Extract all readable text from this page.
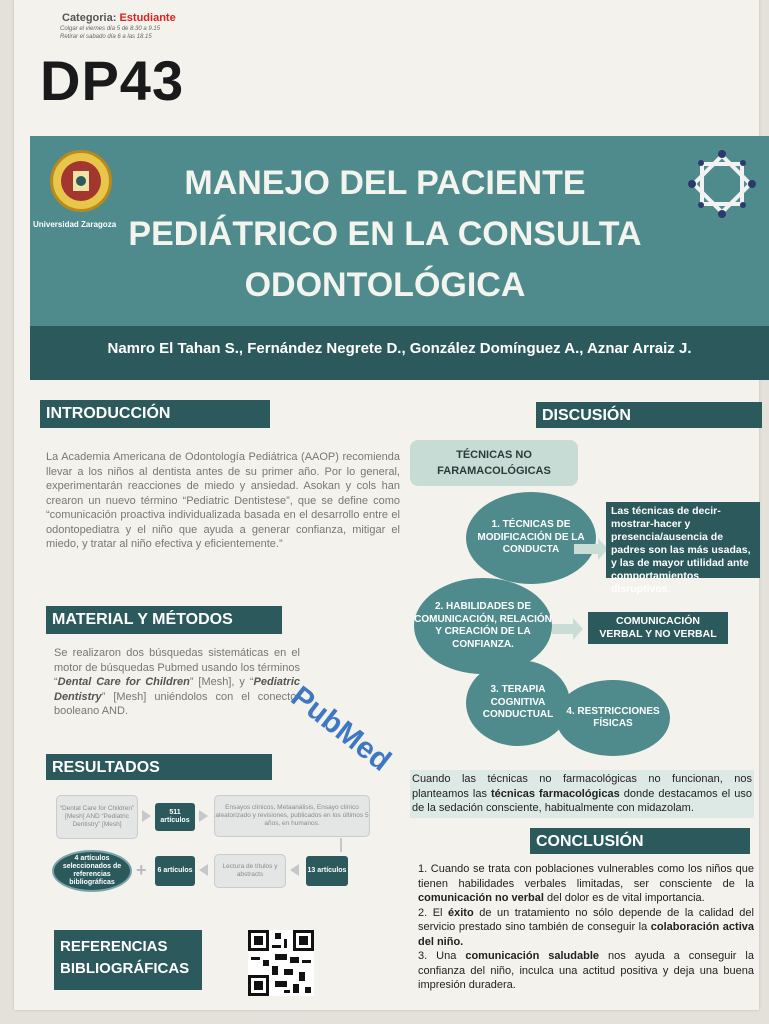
Categoria: Estudiante
Colgar el viernes día 5 de 8.30 a 9.15
Retirar el sabado día 6 a las 18.15
DP43
Universidad Zaragoza
MANEJO DEL PACIENTE
PEDIÁTRICO EN LA CONSULTA
ODONTOLÓGICA
Namro El Tahan S., Fernández Negrete D., González Domínguez A., Aznar Arraiz J.
INTRODUCCIÓN
La Academia Americana de Odontología Pediátrica (AAOP) recomienda llevar a los niños al dentista antes de su primer año. Por lo general, experimentarán reacciones de miedo y ansiedad. Asokan y cols han crearon un nuevo término “Pediatric Dentistese”, que se define como “comunicación proactiva individualizada basada en el desarrollo entre el odontopediatra y el niño que ayuda a generar confianza, mitigar el miedo, y tratar al niño efectiva y eficientemente.”
MATERIAL Y MÉTODOS
Se realizaron dos búsquedas sistemáticas en el motor de búsquedas Pubmed usando los términos “Dental Care for Children” [Mesh], y “Pediatric Dentistry” [Mesh] uniéndolos con el conector booleano AND.	PubMed
RESULTADOS
“Dental Care for Children” [Mesh] AND “Pediatric Dentistry” [Mesh]
511 artículos
Ensayos clínicos, Metaanálisis, Ensayo clínico aleatorizado y revisiones, publicados en los últimos 5 años, en humanos.
13 artículos
Lectura de títulos y abstracts
6 artículos
+
4 artículos seleccionados de referencias bibliográficas
REFERENCIAS
BIBLIOGRÁFICAS
DISCUSIÓN
TÉCNICAS NO FARAMACOLÓGICAS
1. TÉCNICAS DE MODIFICACIÓN DE LA CONDUCTA
2. HABILIDADES DE COMUNICACIÓN, RELACIÓN Y CREACIÓN DE LA CONFIANZA.
3. TERAPIA COGNITIVA CONDUCTUAL	4. RESTRICCIONES FÍSICAS
Las técnicas de decir-mostrar-hacer y presencia/ausencia de padres son las más usadas, y las de mayor utilidad ante comportamientos disruptivos.
COMUNICACIÓN VERBAL Y NO VERBAL
Cuando las técnicas no farmacológicas no funcionan, nos planteamos las técnicas farmacológicas donde destacamos el uso de la sedación consciente, habitualmente con midazolam.
CONCLUSIÓN
1. Cuando se trata con poblaciones vulnerables como los niños que tienen habilidades verbales limitadas, ser consciente de la comunicación no verbal del dolor es de vital importancia.
2. El éxito de un tratamiento no sólo depende de la calidad del servicio prestado sino también de conseguir la colaboración activa del niño.
3. Una comunicación saludable nos ayuda a conseguir la confianza del niño, inculca una actitud positiva y deja una buena impresión duradera.
